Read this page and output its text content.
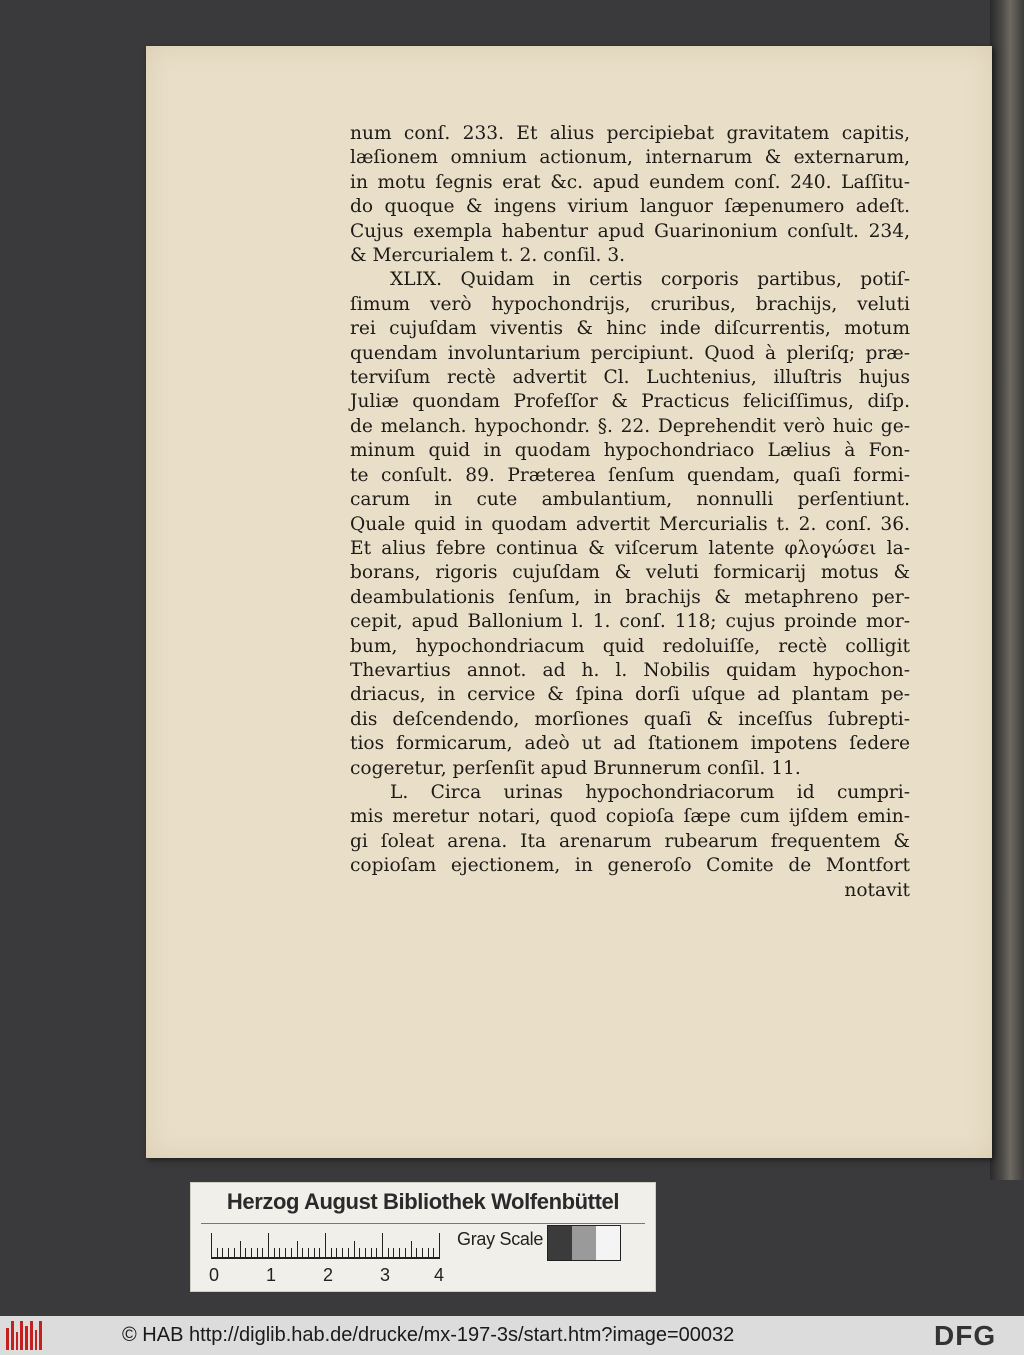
num conſ. 233. Et alius percipiebat gravitatem capitis,
læſionem omnium actionum, internarum & externarum,
in motu ſegnis erat &c. apud eundem conſ. 240. Laſſitu-
do quoque & ingens virium languor ſæpenumero adeſt.
Cujus exempla habentur apud Guarinonium conſult. 234,
& Mercurialem t. 2. conſil. 3.
XLIX. Quidam in certis corporis partibus, potiſ-
ſimum verò hypochondrijs, cruribus, brachijs, veluti
rei cujuſdam viventis & hinc inde diſcurrentis, motum
quendam involuntarium percipiunt. Quod à pleriſq; præ-
terviſum rectè advertit Cl. Luchtenius, illuſtris hujus
Juliæ quondam Profeſſor & Practicus feliciſſimus, diſp.
de melanch. hypochondr. §. 22. Deprehendit verò huic ge-
minum quid in quodam hypochondriaco Lælius à Fon-
te conſult. 89. Præterea ſenſum quendam, quaſi formi-
carum in cute ambulantium, nonnulli perſentiunt.
Quale quid in quodam advertit Mercurialis t. 2. conſ. 36.
Et alius febre continua & viſcerum latente φλογώσει la-
borans, rigoris cujuſdam & veluti formicarij motus &
deambulationis ſenſum, in brachijs & metaphreno per-
cepit, apud Ballonium l. 1. conſ. 118; cujus proinde mor-
bum, hypochondriacum quid redoluiſſe, rectè colligit
Thevartius annot. ad h. l. Nobilis quidam hypochon-
driacus, in cervice & ſpina dorſi uſque ad plantam pe-
dis deſcendendo, morſiones quaſi & inceſſus ſubrepti-
tios formicarum, adeò ut ad ſtationem impotens ſedere
cogeretur, perſenſit apud Brunnerum conſil. 11.
L. Circa urinas hypochondriacorum id cumpri-
mis meretur notari, quod copioſa ſæpe cum ijſdem emin-
gi ſoleat arena. Ita arenarum rubearum frequentem &
copioſam ejectionem, in generoſo Comite de Montfort
notavit
Herzog August Bibliothek Wolfenbüttel
0	1	2	3 4
Gray Scale
© HAB http://diglib.hab.de/drucke/mx-197-3s/start.htm?image=00032	DFG
